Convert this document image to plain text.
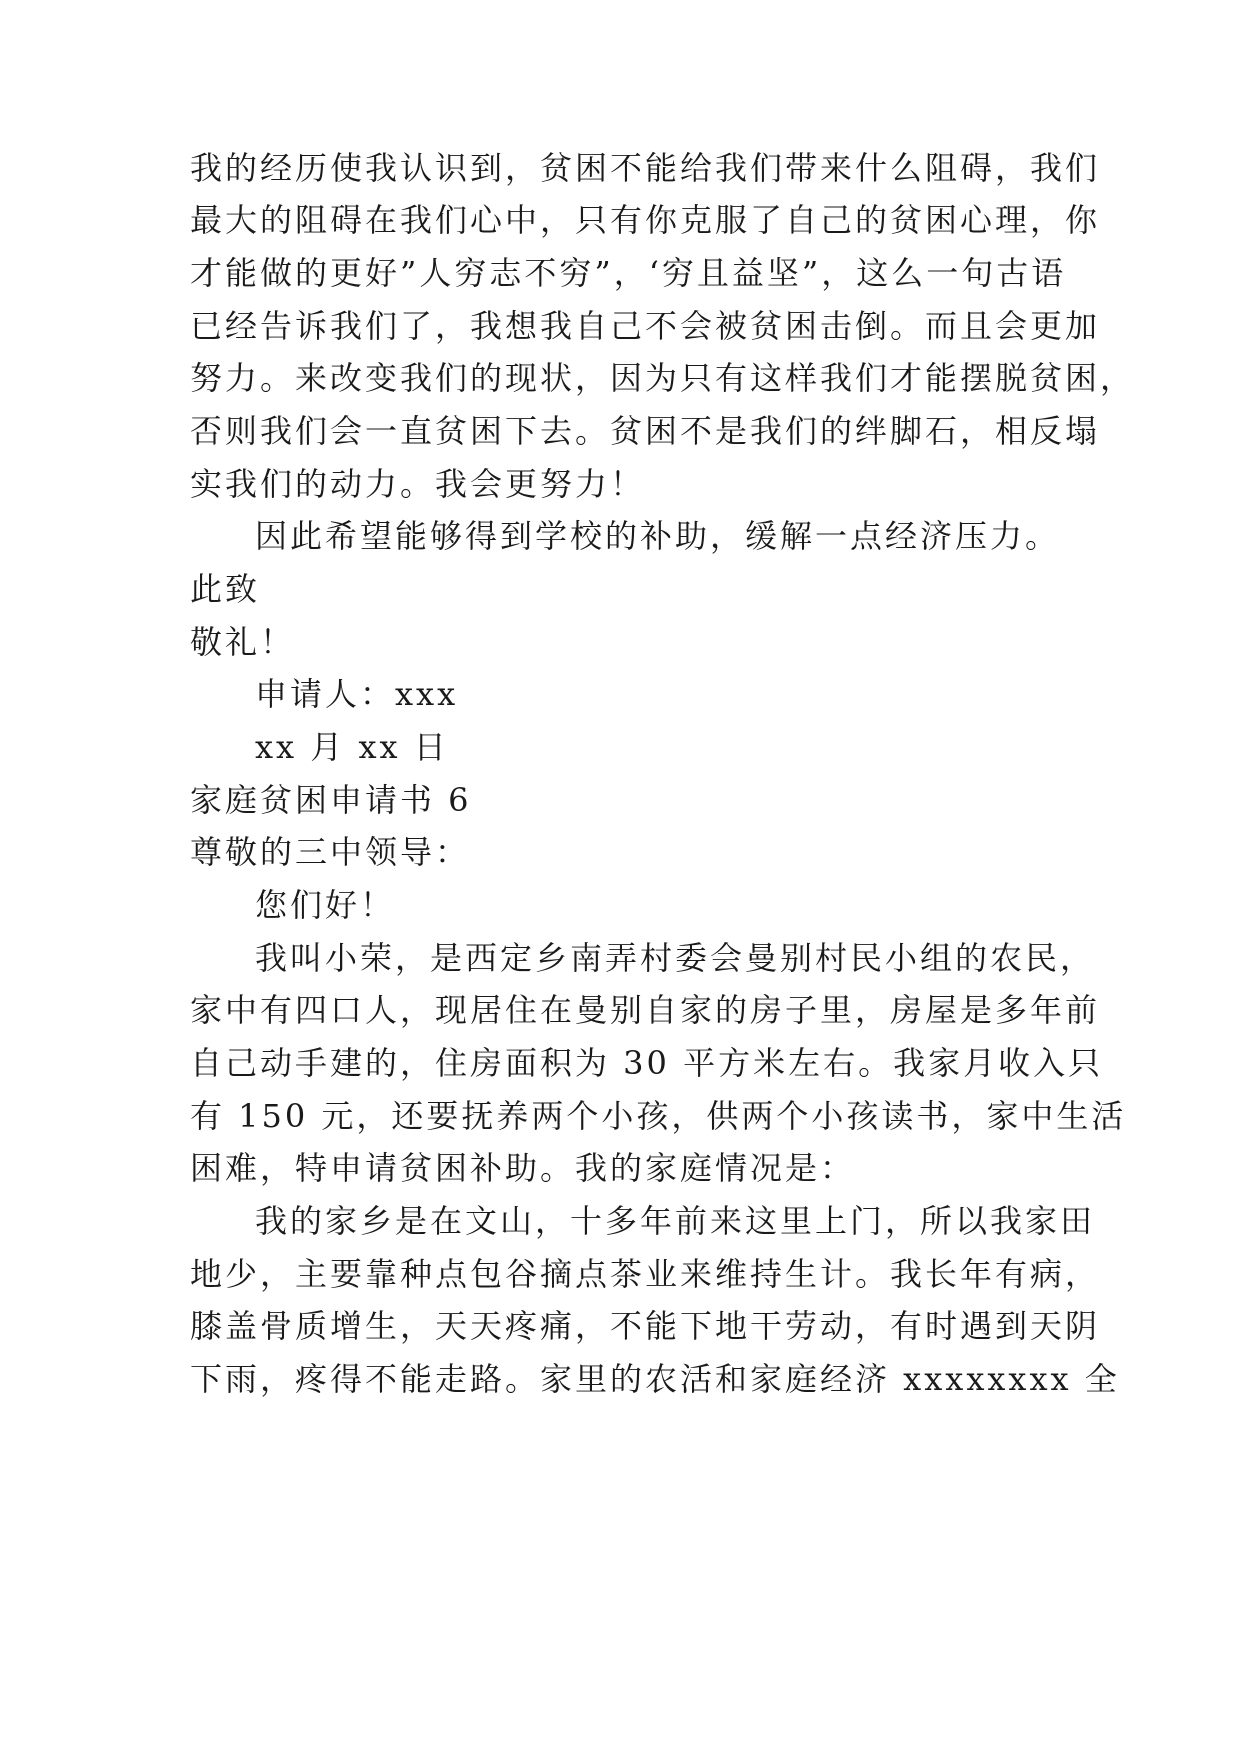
我的经历使我认识到，贫困不能给我们带来什么阻碍，我们
最大的阻碍在我们心中，只有你克服了自己的贫困心理，你
才能做的更好”人穷志不穷”，‘穷且益坚”，这么一句古语
已经告诉我们了，我想我自己不会被贫困击倒。而且会更加
努力。来改变我们的现状，因为只有这样我们才能摆脱贫困，
否则我们会一直贫困下去。贫困不是我们的绊脚石，相反塌
实我们的动力。我会更努力！
因此希望能够得到学校的补助，缓解一点经济压力。
此致
敬礼！
申请人：xxx
xx 月 xx 日
家庭贫困申请书 6
尊敬的三中领导：
您们好！
我叫小荣，是西定乡南弄村委会曼别村民小组的农民，
家中有四口人，现居住在曼别自家的房子里，房屋是多年前
自己动手建的，住房面积为 30 平方米左右。我家月收入只
有 150 元，还要抚养两个小孩，供两个小孩读书，家中生活
困难，特申请贫困补助。我的家庭情况是：
我的家乡是在文山，十多年前来这里上门，所以我家田
地少，主要靠种点包谷摘点茶业来维持生计。我长年有病，
膝盖骨质增生，天天疼痛，不能下地干劳动，有时遇到天阴
下雨，疼得不能走路。家里的农活和家庭经济 xxxxxxxx 全
